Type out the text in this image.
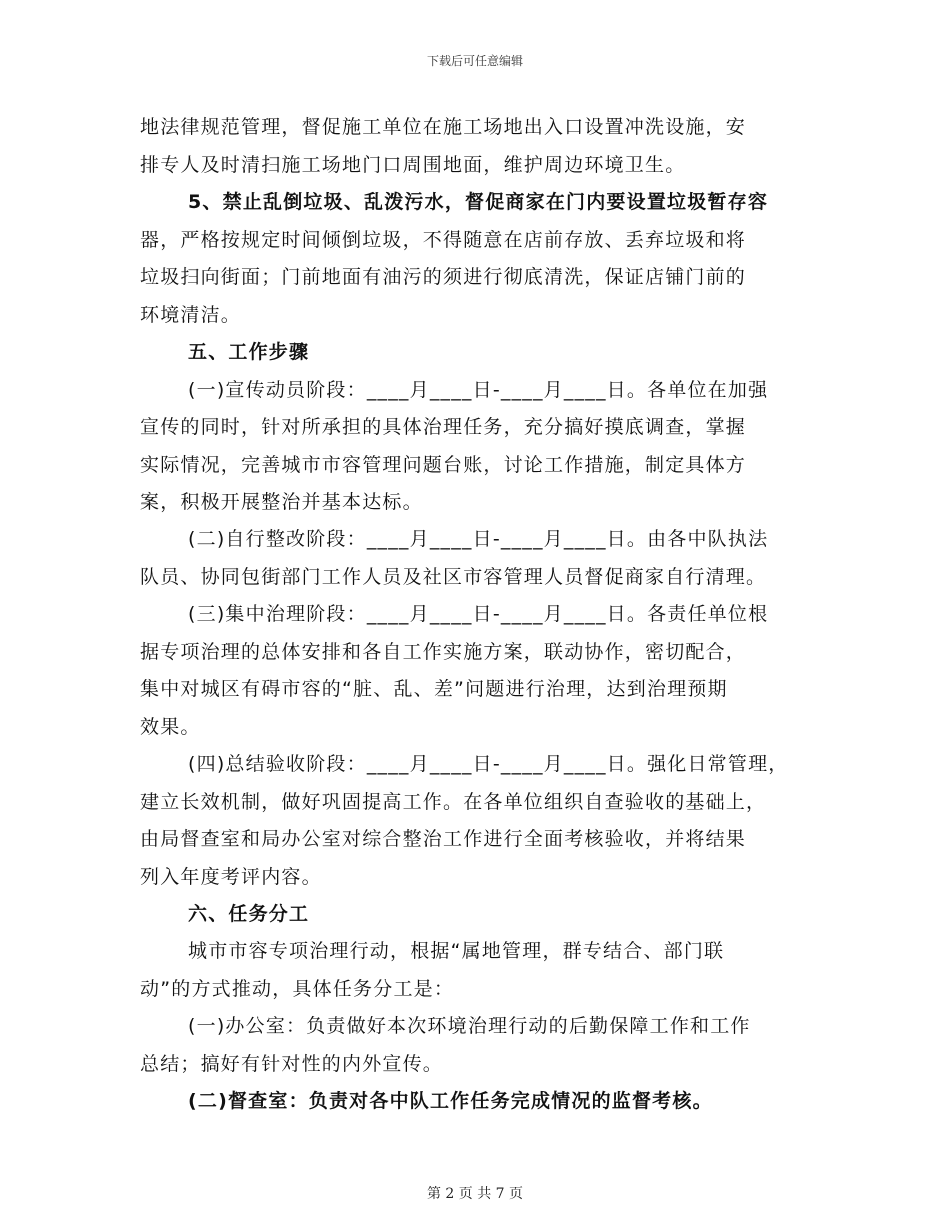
下载后可任意编辑
地法律规范管理，督促施工单位在施工场地出入口设置冲洗设施，安
排专人及时清扫施工场地门口周围地面，维护周边环境卫生。
5、禁止乱倒垃圾、乱泼污水，督促商家在门内要设置垃圾暂存容
器，严格按规定时间倾倒垃圾，不得随意在店前存放、丢弃垃圾和将
垃圾扫向街面；门前地面有油污的须进行彻底清洗，保证店铺门前的
环境清洁。
五、工作步骤
(一)宣传动员阶段：____月____日-____月____日。各单位在加强
宣传的同时，针对所承担的具体治理任务，充分搞好摸底调查，掌握
实际情况，完善城市市容管理问题台账，讨论工作措施，制定具体方
案，积极开展整治并基本达标。
(二)自行整改阶段：____月____日-____月____日。由各中队执法
队员、协同包街部门工作人员及社区市容管理人员督促商家自行清理。
(三)集中治理阶段：____月____日-____月____日。各责任单位根
据专项治理的总体安排和各自工作实施方案，联动协作，密切配合，
集中对城区有碍市容的“脏、乱、差”问题进行治理，达到治理预期
效果。
(四)总结验收阶段：____月____日-____月____日。强化日常管理，
建立长效机制，做好巩固提高工作。在各单位组织自查验收的基础上，
由局督查室和局办公室对综合整治工作进行全面考核验收，并将结果
列入年度考评内容。
六、任务分工
城市市容专项治理行动，根据“属地管理，群专结合、部门联
动”的方式推动，具体任务分工是：
(一)办公室：负责做好本次环境治理行动的后勤保障工作和工作
总结；搞好有针对性的内外宣传。
(二)督查室：负责对各中队工作任务完成情况的监督考核。
第 2 页 共 7 页
